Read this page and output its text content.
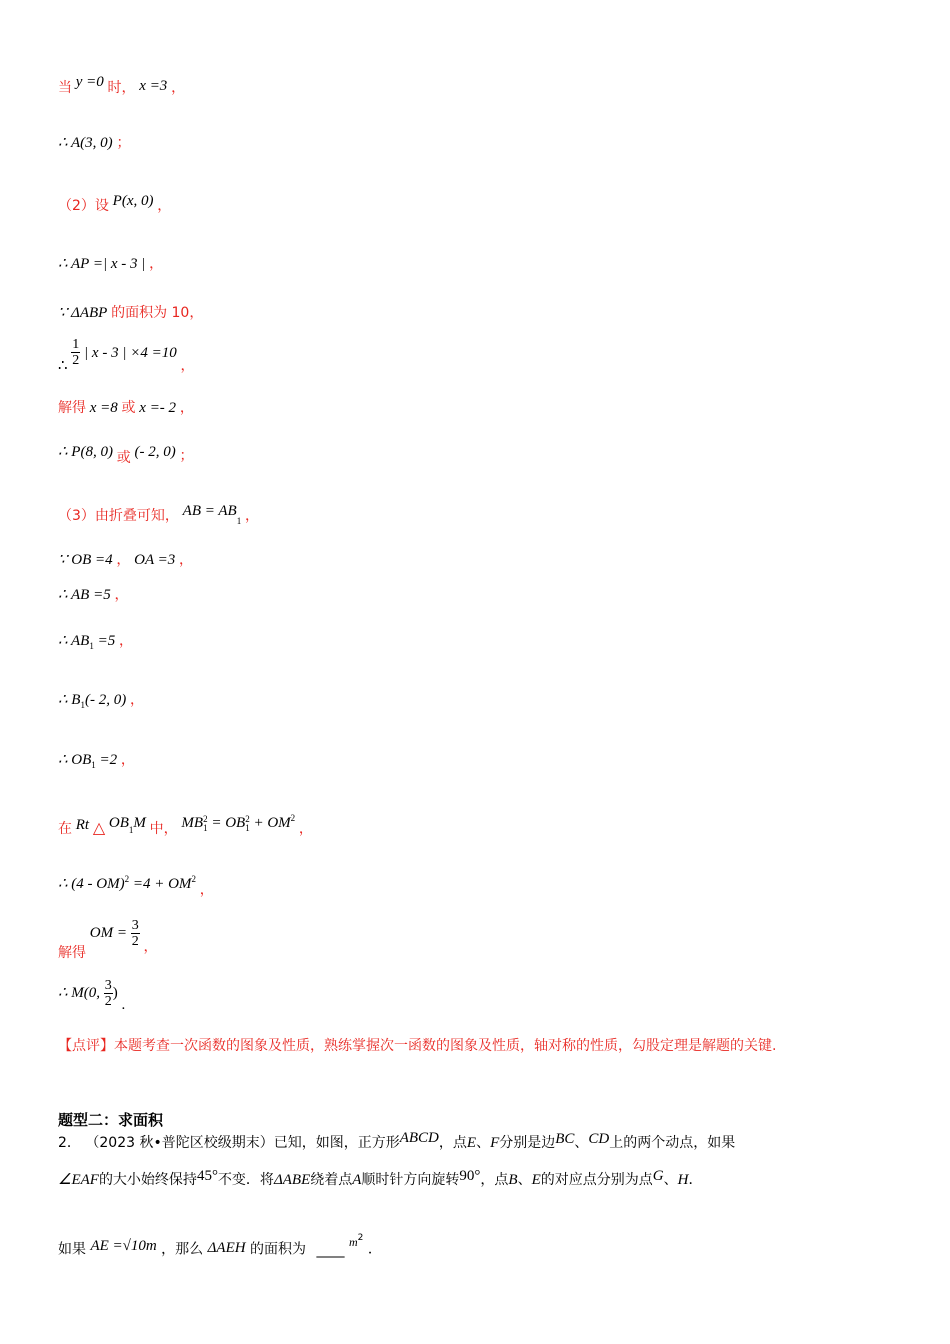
当 y =0 时， x =3 ，
∴ A(3, 0) ；
（2）设 P(x, 0) ，
∴ AP =| x - 3 | ，
∵ ΔABP 的面积为 10，
∴ $\frac{1}{2}$ | x - 3 | ×4 =10 ，
解得 x =8 或 x =- 2 ，
∴ P(8, 0) 或 (- 2, 0) ；
（3）由折叠可知， AB = $AB_1$ ，
∵ OB =4 ， OA =3 ，
∴ AB =5 ，
∴ $AB_1 =5$ ，
∴ $B_1(-$ 2, 0) ，
∴ $OB_1 =2$ ，
在 Rt △ $OB_1M$ 中， MB 2
1 = OB 2
$1 + OM^2$ ，
∴ $(4 - OM)^2 =4 + OM^2$ ，
解得 OM = $\frac{3}{2}$ ，
∴ M(0, $\frac{3}{2}$ ) .
【点评】本题考查一次函数的图象及性质，熟练掌握次一函数的图象及性质，轴对称的性质，勾股定理是解题的关键.
题型二：求面积
2． （2023 秋•普陀区校级期末）已知，如图，正方形ABCD，点E、F分别是边BC、CD上的两个动点，如果
∠EAF的大小始终保持45°不变．将ΔABE绕着点A顺时针方向旋转90°，点B、E的对应点分别为点G、H．
如果 AE =√10m ，那么 ΔAEH 的面积为 ____ $m^2$ ．
